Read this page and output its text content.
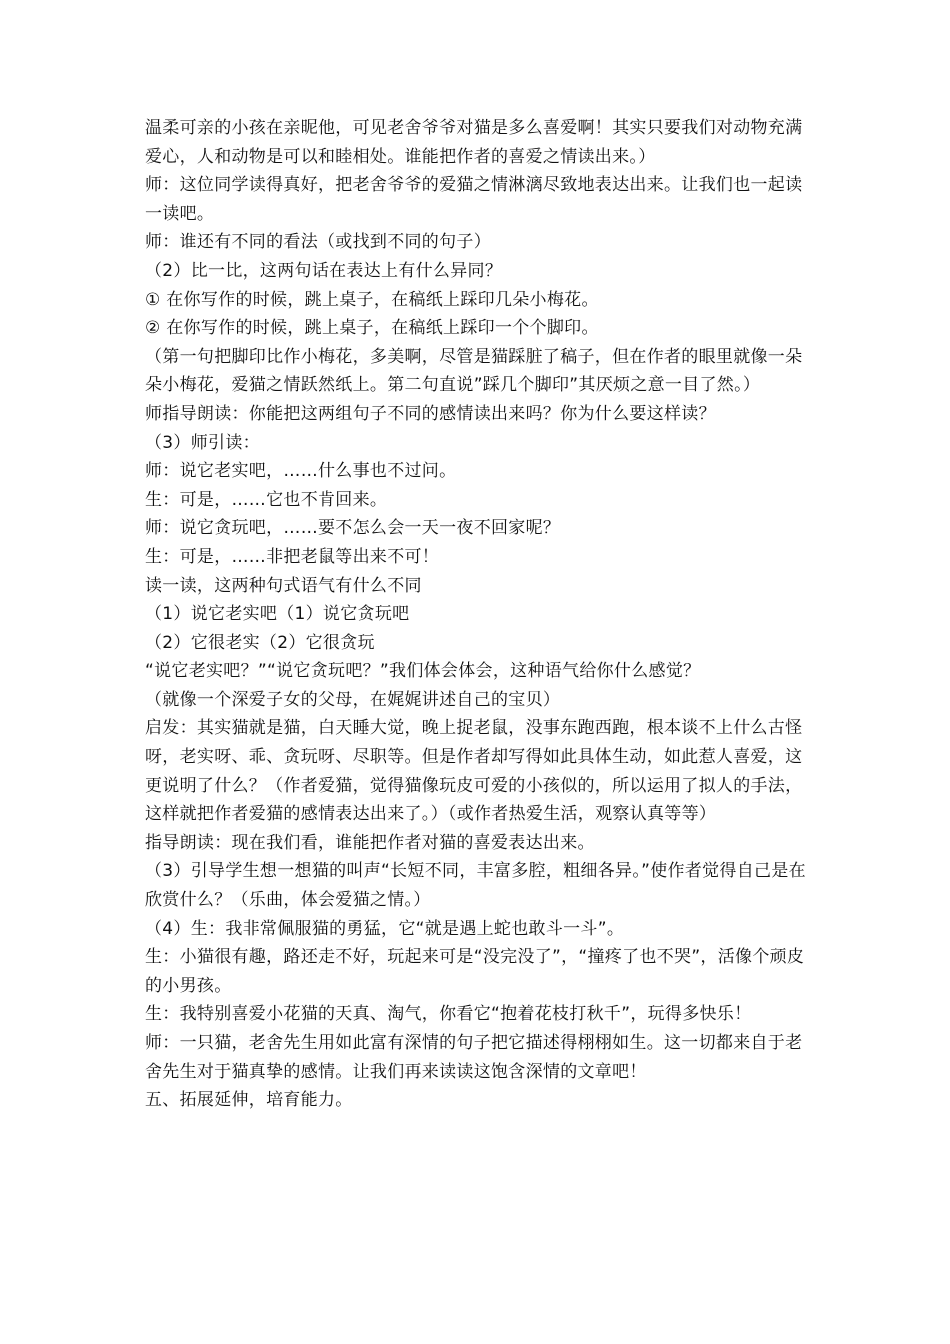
温柔可亲的小孩在亲昵他，可见老舍爷爷对猫是多么喜爱啊！其实只要我们对动物充满爱心，人和动物是可以和睦相处。谁能把作者的喜爱之情读出来。）

师：这位同学读得真好，把老舍爷爷的爱猫之情淋漓尽致地表达出来。让我们也一起读一读吧。

师：谁还有不同的看法（或找到不同的句子）

（2）比一比，这两句话在表达上有什么异同？

① 在你写作的时候，跳上桌子，在稿纸上踩印几朵小梅花。

② 在你写作的时候，跳上桌子，在稿纸上踩印一个个脚印。

（第一句把脚印比作小梅花，多美啊，尽管是猫踩脏了稿子，但在作者的眼里就像一朵朵小梅花，爱猫之情跃然纸上。第二句直说”踩几个脚印”其厌烦之意一目了然。）

师指导朗读：你能把这两组句子不同的感情读出来吗？你为什么要这样读？

（3）师引读：

师：说它老实吧，……什么事也不过问。

生：可是，……它也不肯回来。

师：说它贪玩吧，……要不怎么会一天一夜不回家呢？

生：可是，……非把老鼠等出来不可！

读一读，这两种句式语气有什么不同

（1）说它老实吧（1）说它贪玩吧

（2）它很老实（2）它很贪玩

“说它老实吧？”“说它贪玩吧？”我们体会体会，这种语气给你什么感觉？

（就像一个深爱子女的父母，在娓娓讲述自己的宝贝）

启发：其实猫就是猫，白天睡大觉，晚上捉老鼠，没事东跑西跑，根本谈不上什么古怪呀，老实呀、乖、贪玩呀、尽职等。但是作者却写得如此具体生动，如此惹人喜爱，这更说明了什么？（作者爱猫，觉得猫像玩皮可爱的小孩似的，所以运用了拟人的手法，这样就把作者爱猫的感情表达出来了。）（或作者热爱生活，观察认真等等）

指导朗读：现在我们看，谁能把作者对猫的喜爱表达出来。

（3）引导学生想一想猫的叫声“长短不同，丰富多腔，粗细各异。”使作者觉得自己是在欣赏什么？（乐曲，体会爱猫之情。）

（4）生：我非常佩服猫的勇猛，它“就是遇上蛇也敢斗一斗”。

生：小猫很有趣，路还走不好，玩起来可是“没完没了”，“撞疼了也不哭”，活像个顽皮的小男孩。

生：我特别喜爱小花猫的天真、淘气，你看它“抱着花枝打秋千”，玩得多快乐！

师：一只猫，老舍先生用如此富有深情的句子把它描述得栩栩如生。这一切都来自于老舍先生对于猫真挚的感情。让我们再来读读这饱含深情的文章吧！

五、拓展延伸，培育能力。
